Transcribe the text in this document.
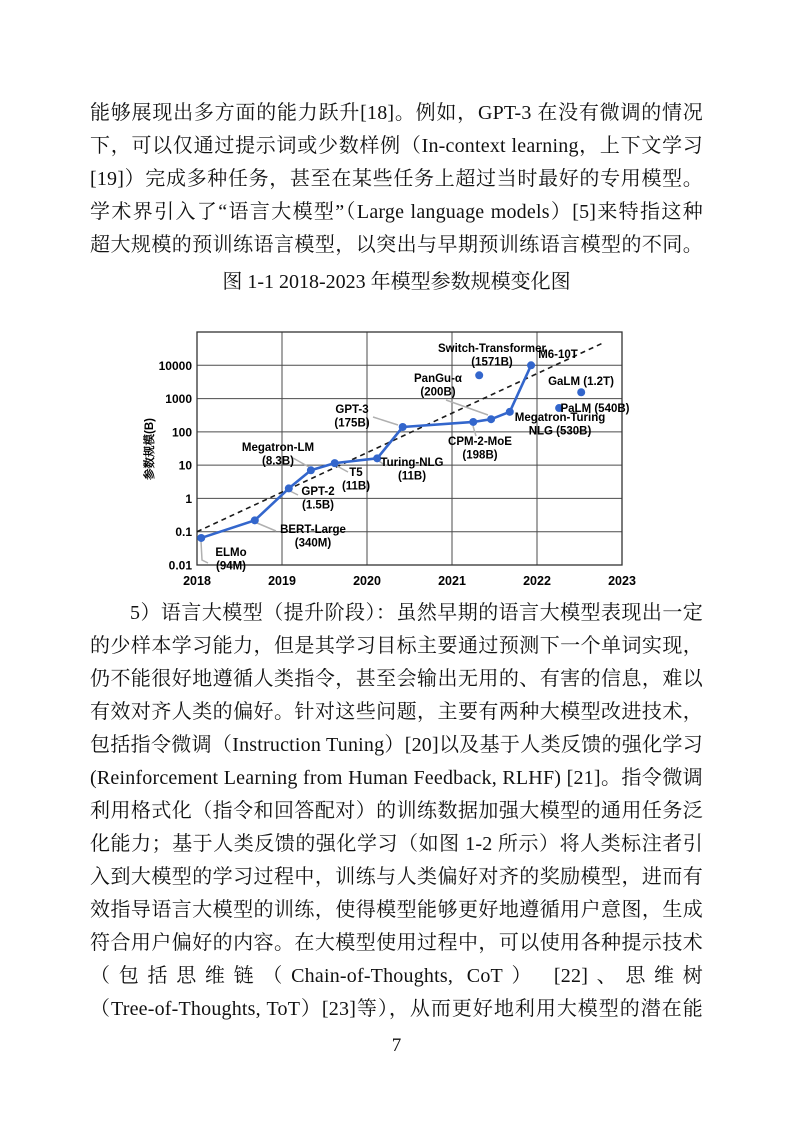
能够展现出多方面的能力跃升[18]。例如，GPT-3 在没有微调的情况
下，可以仅通过提示词或少数样例（In-context learning，上下文学习
[19]）完成多种任务，甚至在某些任务上超过当时最好的专用模型。
学术界引入了“语言大模型”（Large language models）[5]来特指这种
超大规模的预训练语言模型，以突出与早期预训练语言模型的不同。
图 1-1 2018-2023 年模型参数规模变化图
ELMo (94M)
BERT-Large (340M)
GPT-2 (1.5B)
Megatron-LM (8.3B)
T5 (11B)
Turing-NLG (11B)
GPT-3 (175B)
CPM-2-MoE (198B)
PanGu-α (200B)
Megatron-Turing NLG (530B)
M6-10T
Switch-Transformer (1571B)
GaLM (1.2T)
PaLM (540B)
10000
1000
100
10
1
0.1
0.01
2018	2019	2020	2021	2022	2023
参数规模(B)
5）语言大模型（提升阶段）：虽然早期的语言大模型表现出一定
的少样本学习能力，但是其学习目标主要通过预测下一个单词实现，
仍不能很好地遵循人类指令，甚至会输出无用的、有害的信息，难以
有效对齐人类的偏好。针对这些问题，主要有两种大模型改进技术，
包括指令微调（Instruction Tuning）[20]以及基于人类反馈的强化学习
(Reinforcement Learning from Human Feedback, RLHF) [21]。指令微调
利用格式化（指令和回答配对）的训练数据加强大模型的通用任务泛
化能力；基于人类反馈的强化学习（如图 1-2 所示）将人类标注者引
入到大模型的学习过程中，训练与人类偏好对齐的奖励模型，进而有
效指导语言大模型的训练，使得模型能够更好地遵循用户意图，生成
符合用户偏好的内容。在大模型使用过程中，可以使用各种提示技术
（包括思维链（Chain-of-Thoughts, CoT） [22]、思维树
（Tree-of-Thoughts, ToT）[23]等），从而更好地利用大模型的潜在能
7
